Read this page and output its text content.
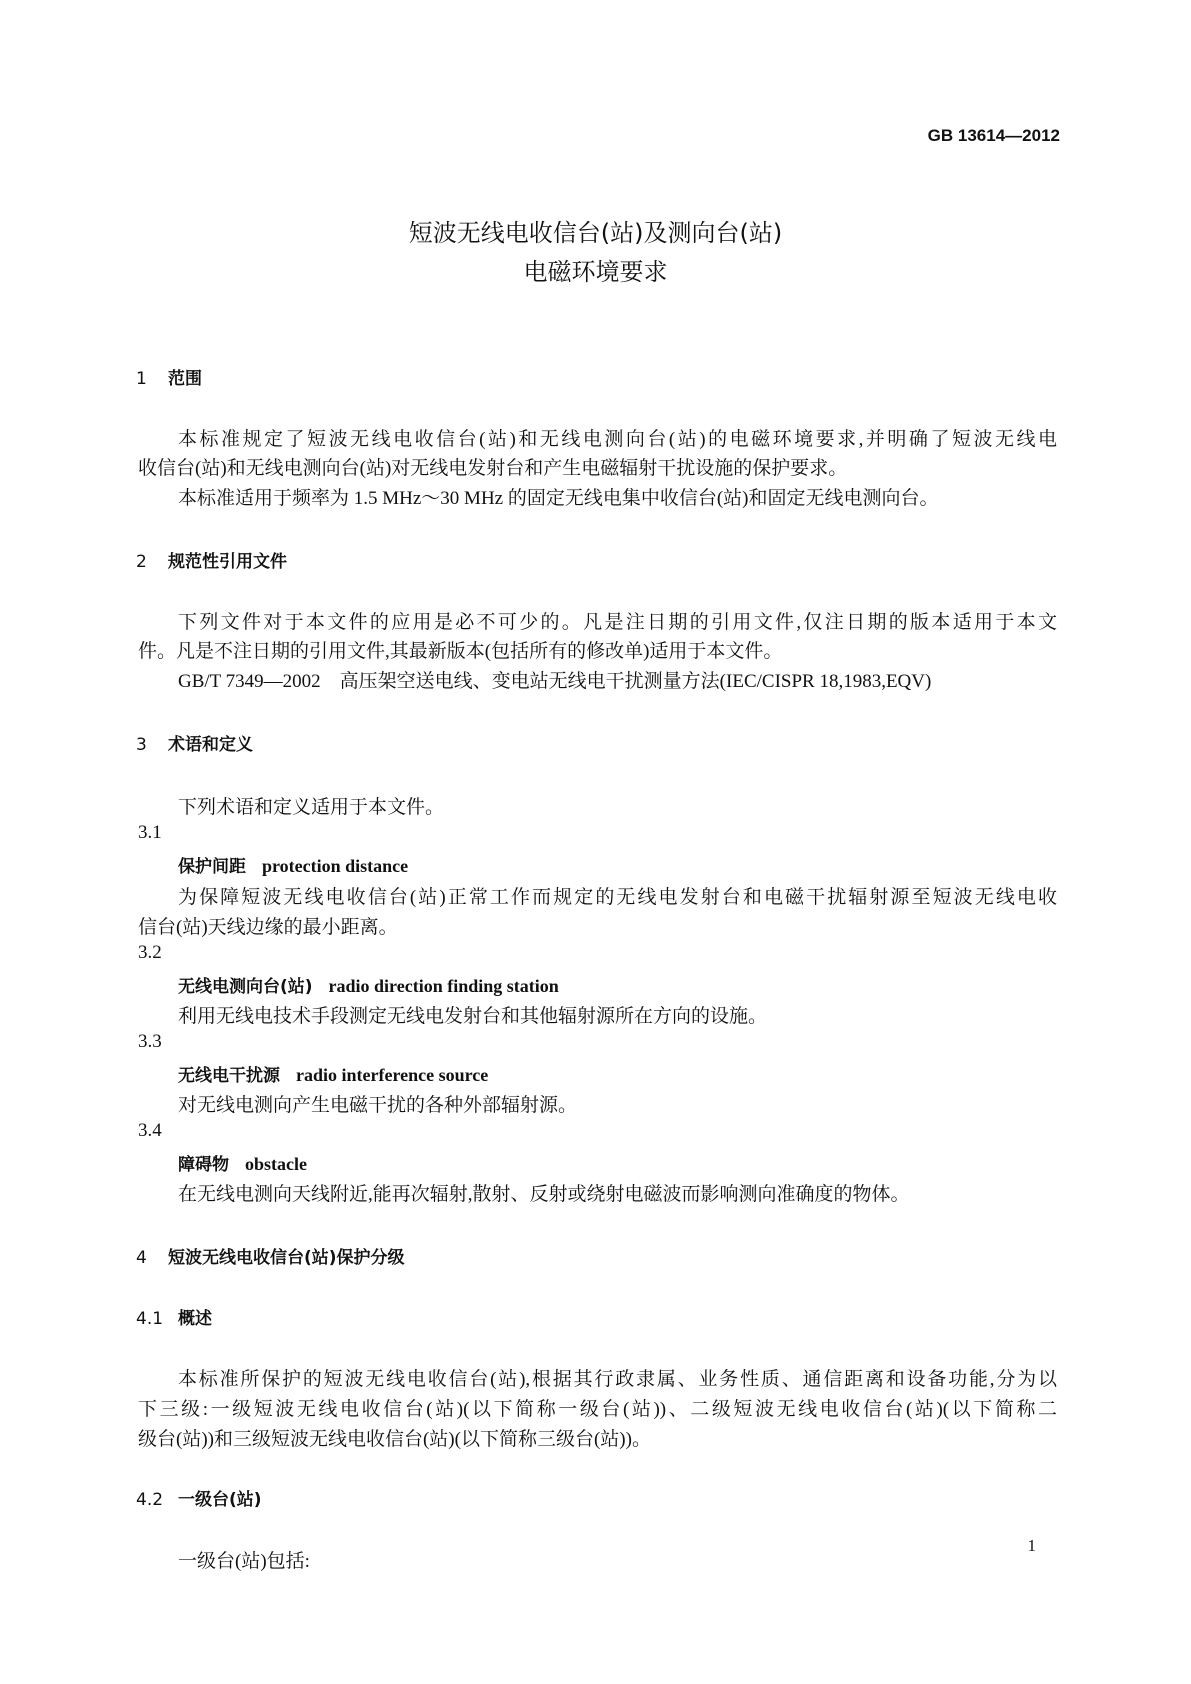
GB 13614—2012
短波无线电收信台(站)及测向台(站)
电磁环境要求
1 范围
本标准规定了短波无线电收信台(站)和无线电测向台(站)的电磁环境要求,并明确了短波无线电
收信台(站)和无线电测向台(站)对无线电发射台和产生电磁辐射干扰设施的保护要求。
本标准适用于频率为 1.5 MHz～30 MHz 的固定无线电集中收信台(站)和固定无线电测向台。
2 规范性引用文件
下列文件对于本文件的应用是必不可少的。凡是注日期的引用文件,仅注日期的版本适用于本文
件。凡是不注日期的引用文件,其最新版本(包括所有的修改单)适用于本文件。
GB/T 7349—2002　高压架空送电线、变电站无线电干扰测量方法(IEC/CISPR 18,1983,EQV)
3 术语和定义
下列术语和定义适用于本文件。
3.1
保护间距 protection distance
为保障短波无线电收信台(站)正常工作而规定的无线电发射台和电磁干扰辐射源至短波无线电收
信台(站)天线边缘的最小距离。
3.2
无线电测向台(站) radio direction finding station
利用无线电技术手段测定无线电发射台和其他辐射源所在方向的设施。
3.3
无线电干扰源 radio interference source
对无线电测向产生电磁干扰的各种外部辐射源。
3.4
障碍物 obstacle
在无线电测向天线附近,能再次辐射,散射、反射或绕射电磁波而影响测向准确度的物体。
4 短波无线电收信台(站)保护分级
4.1 概述
本标准所保护的短波无线电收信台(站),根据其行政隶属、业务性质、通信距离和设备功能,分为以
下三级:一级短波无线电收信台(站)(以下简称一级台(站))、二级短波无线电收信台(站)(以下简称二
级台(站))和三级短波无线电收信台(站)(以下简称三级台(站))。
4.2 一级台(站)
一级台(站)包括:
1
